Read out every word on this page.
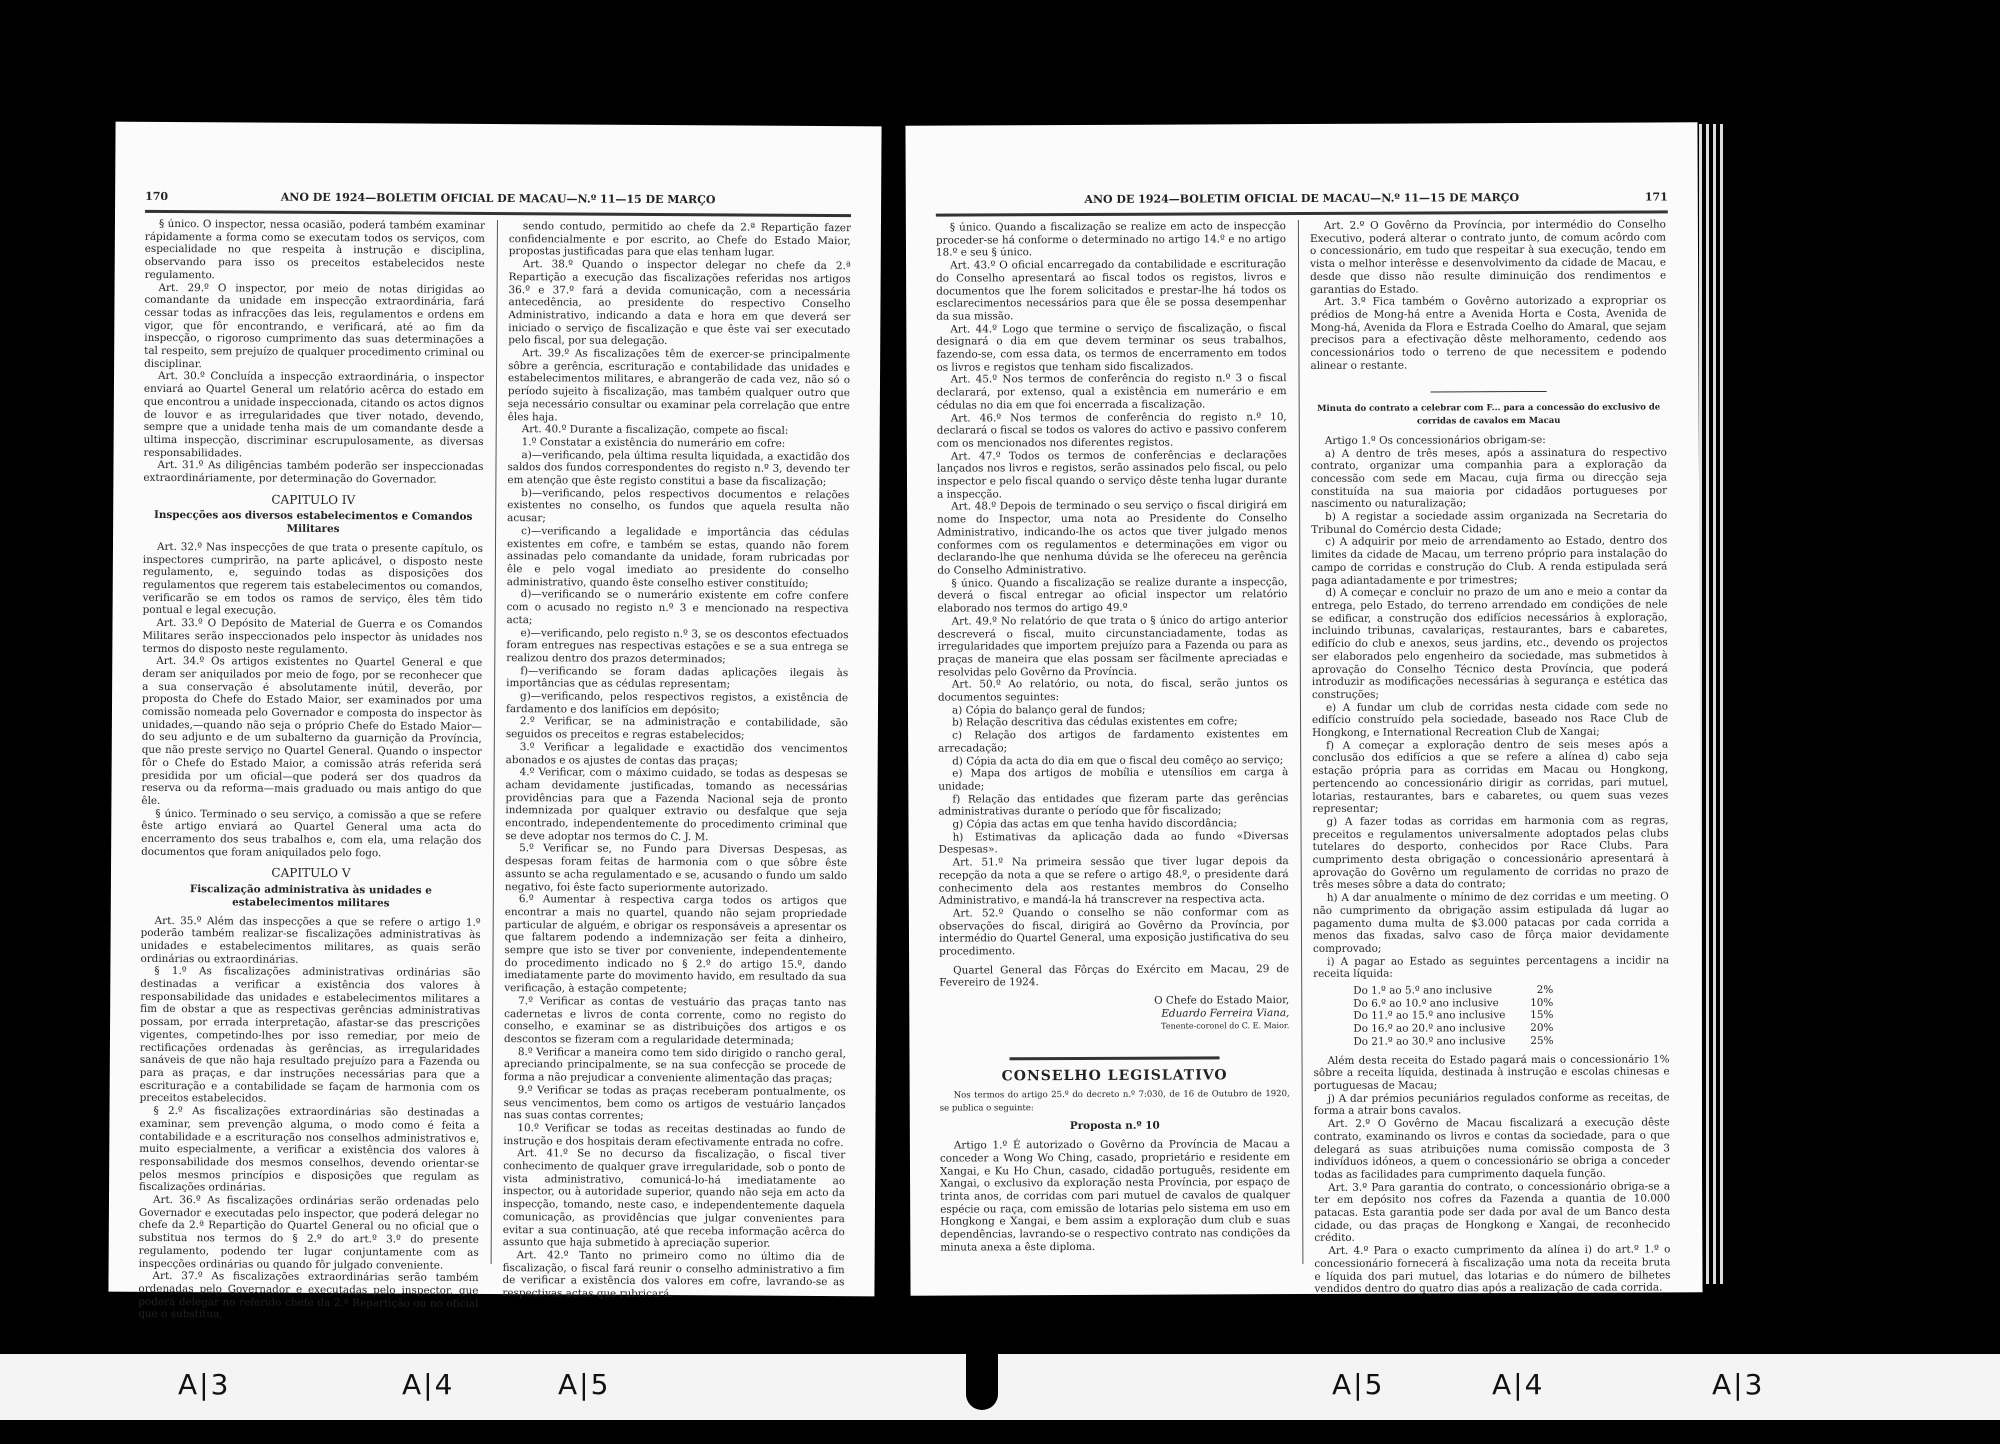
A|3	A|4	A|5	A|5	A|4	A|3
170	ANO DE 1924—BOLETIM OFICIAL DE MACAU—N.º 11—15 DE MARÇO

§ único. O inspector, nessa ocasião, poderá também examinar rápidamente a forma como se executam todos os serviços, com especialidade no que respeita à instrução e disciplina, observando para isso os preceitos estabelecidos neste regulamento.

Art. 29.º O inspector, por meio de notas dirigidas ao comandante da unidade em inspecção extraordinária, fará cessar todas as infracções das leis, regulamentos e ordens em vigor, que fôr encontrando, e verificará, até ao fim da inspecção, o rigoroso cumprimento das suas determinações a tal respeito, sem prejuízo de qualquer procedimento criminal ou disciplinar.

Art. 30.º Concluída a inspecção extraordinária, o inspector enviará ao Quartel General um relatório acêrca do estado em que encontrou a unidade inspeccionada, citando os actos dignos de louvor e as irregularidades que tiver notado, devendo, sempre que a unidade tenha mais de um comandante desde a ultima inspecção, discriminar escrupulosamente, as diversas responsabilidades.

Art. 31.º As diligências também poderão ser inspeccionadas extraordináriamente, por determinação do Governador.

CAPITULO IV

Inspecções aos diversos estabelecimentos e Comandos Militares

Art. 32.º Nas inspecções de que trata o presente capítulo, os inspectores cumprirão, na parte aplicável, o disposto neste regulamento, e, seguindo todas as disposições dos regulamentos que regerem tais estabelecimentos ou comandos, verificarão se em todos os ramos de serviço, êles têm tido pontual e legal execução.

Art. 33.º O Depósito de Material de Guerra e os Comandos Militares serão inspeccionados pelo inspector às unidades nos termos do disposto neste regulamento.

Art. 34.º Os artigos existentes no Quartel General e que deram ser aniquilados por meio de fogo, por se reconhecer que a sua conservação é absolutamente inútil, deverão, por proposta do Chefe do Estado Maior, ser examinados por uma comissão nomeada pelo Governador e composta do inspector às unidades,—quando não seja o próprio Chefe do Estado Maior—do seu adjunto e de um subalterno da guarnição da Província, que não preste serviço no Quartel General. Quando o inspector fôr o Chefe do Estado Maior, a comissão atrás referida será presidida por um oficial—que poderá ser dos quadros da reserva ou da reforma—mais graduado ou mais antigo do que êle.

§ único. Terminado o seu serviço, a comissão a que se refere êste artigo enviará ao Quartel General uma acta do encerramento dos seus trabalhos e, com ela, uma relação dos documentos que foram aniquilados pelo fogo.

CAPITULO V

Fiscalização administrativa às unidades e estabelecimentos militares

Art. 35.º Além das inspecções a que se refere o artigo 1.º poderão também realizar-se fiscalizações administrativas às unidades e estabelecimentos militares, as quais serão ordinárias ou extraordinárias.

§ 1.º As fiscalizações administrativas ordinárias são destinadas a verificar a existência dos valores à responsabilidade das unidades e estabelecimentos militares a fim de obstar a que as respectivas gerências administrativas possam, por errada interpretação, afastar-se das prescrições vigentes, competindo-lhes por isso remediar, por meio de rectificações ordenadas às gerências, as irregularidades sanáveis de que não haja resultado prejuízo para a Fazenda ou para as praças, e dar instruções necessárias para que a escrituração e a contabilidade se façam de harmonia com os preceitos estabelecidos.

§ 2.º As fiscalizações extraordinárias são destinadas a examinar, sem prevenção alguma, o modo como é feita a contabilidade e a escrituração nos conselhos administrativos e, muito especialmente, a verificar a existência dos valores à responsabilidade dos mesmos conselhos, devendo orientar-se pelos mesmos princípios e disposições que regulam as fiscalizações ordinárias.

Art. 36.º As fiscalizações ordinárias serão ordenadas pelo Governador e executadas pelo inspector, que poderá delegar no chefe da 2.ª Repartição do Quartel General ou no oficial que o substitua nos termos do § 2.º do art.º 3.º do presente regulamento, podendo ter lugar conjuntamente com as inspecções ordinárias ou quando fôr julgado conveniente.

Art. 37.º As fiscalizações extraordinárias serão também ordenadas pelo Governador e executadas pelo inspector, que poderá delegar no referido chefe da 2.ª Repartição ou no oficial que o substitua,

sendo contudo, permitido ao chefe da 2.ª Repartição fazer confidencialmente e por escrito, ao Chefe do Estado Maior, propostas justificadas para que elas tenham lugar.

Art. 38.º Quando o inspector delegar no chefe da 2.ª Repartição a execução das fiscalizações referidas nos artigos 36.º e 37.º fará a devida comunicação, com a necessária antecedência, ao presidente do respectivo Conselho Administrativo, indicando a data e hora em que deverá ser iniciado o serviço de fiscalização e que êste vai ser executado pelo fiscal, por sua delegação.

Art. 39.º As fiscalizações têm de exercer-se principalmente sôbre a gerência, escrituração e contabilidade das unidades e estabelecimentos militares, e abrangerão de cada vez, não só o período sujeito à fiscalização, mas também qualquer outro que seja necessário consultar ou examinar pela correlação que entre êles haja.

Art. 40.º Durante a fiscalização, compete ao fiscal:

1.º Constatar a existência do numerário em cofre:

a)—verificando, pela última resulta liquidada, a exactidão dos saldos dos fundos correspondentes do registo n.º 3, devendo ter em atenção que êste registo constitui a base da fiscalização;

b)—verificando, pelos respectivos documentos e relações existentes no conselho, os fundos que aquela resulta não acusar;

c)—verificando a legalidade e importância das cédulas existentes em cofre, e também se estas, quando não forem assinadas pelo comandante da unidade, foram rubricadas por êle e pelo vogal imediato ao presidente do conselho administrativo, quando êste conselho estiver constituído;

d)—verificando se o numerário existente em cofre confere com o acusado no registo n.º 3 e mencionado na respectiva acta;

e)—verificando, pelo registo n.º 3, se os descontos efectuados foram entregues nas respectivas estações e se a sua entrega se realizou dentro dos prazos determinados;

f)—verificando se foram dadas aplicações ilegais às importâncias que as cédulas representam;

g)—verificando, pelos respectivos registos, a existência de fardamento e dos lanifícios em depósito;

2.º Verificar, se na administração e contabilidade, são seguidos os preceitos e regras estabelecidos;

3.º Verificar a legalidade e exactidão dos vencimentos abonados e os ajustes de contas das praças;

4.º Verificar, com o máximo cuidado, se todas as despesas se acham devidamente justificadas, tomando as necessárias providências para que a Fazenda Nacional seja de pronto indemnizada por qualquer extravio ou desfalque que seja encontrado, independentemente do procedimento criminal que se deve adoptar nos termos do C. J. M.

5.º Verificar se, no Fundo para Diversas Despesas, as despesas foram feitas de harmonia com o que sôbre êste assunto se acha regulamentado e se, acusando o fundo um saldo negativo, foi êste facto superiormente autorizado.

6.º Aumentar à respectiva carga todos os artigos que encontrar a mais no quartel, quando não sejam propriedade particular de alguém, e obrigar os responsáveis a apresentar os que faltarem podendo a indemnização ser feita a dinheiro, sempre que isto se tiver por conveniente, independentemente do procedimento indicado no § 2.º do artigo 15.º, dando imediatamente parte do movimento havido, em resultado da sua verificação, à estação competente;

7.º Verificar as contas de vestuário das praças tanto nas cadernetas e livros de conta corrente, como no registo do conselho, e examinar se as distribuições dos artigos e os descontos se fizeram com a regularidade determinada;

8.º Verificar a maneira como tem sido dirigido o rancho geral, apreciando principalmente, se na sua confecção se procede de forma a não prejudicar a conveniente alimentação das praças;

9.º Verificar se todas as praças receberam pontualmente, os seus vencimentos, bem como os artigos de vestuário lançados nas suas contas correntes;

10.º Verificar se todas as receitas destinadas ao fundo de instrução e dos hospitais deram efectivamente entrada no cofre.

Art. 41.º Se no decurso da fiscalização, o fiscal tiver conhecimento de qualquer grave irregularidade, sob o ponto de vista administrativo, comunicá-lo-há imediatamente ao inspector, ou à autoridade superior, quando não seja em acto da inspecção, tomando, neste caso, e independentemente daquela comunicação, as providências que julgar convenientes para evitar a sua continuação, até que receba informação acêrca do assunto que haja submetido à apreciação superior.

Art. 42.º Tanto no primeiro como no último dia de fiscalização, o fiscal fará reunir o conselho administrativo a fim de verificar a existência dos valores em cofre, lavrando-se as respectivas actas que rubricará.

ANO DE 1924—BOLETIM OFICIAL DE MACAU—N.º 11—15 DE MARÇO	171

§ único. Quando a fiscalização se realize em acto de inspecção proceder-se há conforme o determinado no artigo 14.º e no artigo 18.º e seu § único.

Art. 43.º O oficial encarregado da contabilidade e escrituração do Conselho apresentará ao fiscal todos os registos, livros e documentos que lhe forem solicitados e prestar-lhe há todos os esclarecimentos necessários para que êle se possa desempenhar da sua missão.

Art. 44.º Logo que termine o serviço de fiscalização, o fiscal designará o dia em que devem terminar os seus trabalhos, fazendo-se, com essa data, os termos de encerramento em todos os livros e registos que tenham sido fiscalizados.

Art. 45.º Nos termos de conferência do registo n.º 3 o fiscal declarará, por extenso, qual a existência em numerário e em cédulas no dia em que foi encerrada a fiscalização.

Art. 46.º Nos termos de conferência do registo n.º 10, declarará o fiscal se todos os valores do activo e passivo conferem com os mencionados nos diferentes registos.

Art. 47.º Todos os termos de conferências e declarações lançados nos livros e registos, serão assinados pelo fiscal, ou pelo inspector e pelo fiscal quando o serviço dêste tenha lugar durante a inspecção.

Art. 48.º Depois de terminado o seu serviço o fiscal dirigirá em nome do Inspector, uma nota ao Presidente do Conselho Administrativo, indicando-lhe os actos que tiver julgado menos conformes com os regulamentos e determinações em vigor ou declarando-lhe que nenhuma dúvida se lhe ofereceu na gerência do Conselho Administrativo.

§ único. Quando a fiscalização se realize durante a inspecção, deverá o fiscal entregar ao oficial inspector um relatório elaborado nos termos do artigo 49.º

Art. 49.º No relatório de que trata o § único do artigo anterior descreverá o fiscal, muito circunstanciadamente, todas as irregularidades que importem prejuízo para a Fazenda ou para as praças de maneira que elas possam ser fàcilmente apreciadas e resolvidas pelo Govêrno da Província.

Art. 50.º Ao relatório, ou nota, do fiscal, serão juntos os documentos seguintes:

a) Cópia do balanço geral de fundos;

b) Relação descritiva das cédulas existentes em cofre;

c) Relação dos artigos de fardamento existentes em arrecadação;

d) Cópia da acta do dia em que o fiscal deu comêço ao serviço;

e) Mapa dos artigos de mobília e utensílios em carga à unidade;

f) Relação das entidades que fizeram parte das gerências administrativas durante o período que fôr fiscalizado;

g) Cópia das actas em que tenha havido discordância;

h) Estimativas da aplicação dada ao fundo «Diversas Despesas».

Art. 51.º Na primeira sessão que tiver lugar depois da recepção da nota a que se refere o artigo 48.º, o presidente dará conhecimento dela aos restantes membros do Conselho Administrativo, e mandá-la há transcrever na respectiva acta.

Art. 52.º Quando o conselho se não conformar com as observações do fiscal, dirigirá ao Govêrno da Província, por intermédio do Quartel General, uma exposição justificativa do seu procedimento.

Quartel General das Fôrças do Exército em Macau, 29 de Fevereiro de 1924.

O Chefe do Estado Maior,

Eduardo Ferreira Viana,

Tenente-coronel do C. E. Maior.

CONSELHO LEGISLATIVO

Nos termos do artigo 25.º do decreto n.º 7:030, de 16 de Outubro de 1920, se publica o seguinte:

Proposta n.º 10

Artigo 1.º É autorizado o Govêrno da Província de Macau a conceder a Wong Wo Ching, casado, proprietário e residente em Xangai, e Ku Ho Chun, casado, cidadão português, residente em Xangai, o exclusivo da exploração nesta Província, por espaço de trinta anos, de corridas com pari mutuel de cavalos de qualquer espécie ou raça, com emissão de lotarias pelo sistema em uso em Hongkong e Xangai, e bem assim a exploração dum club e suas dependências, lavrando-se o respectivo contrato nas condições da minuta anexa a êste diploma.

Art. 2.º O Govêrno da Província, por intermédio do Conselho Executivo, poderá alterar o contrato junto, de comum acôrdo com o concessionário, em tudo que respeitar à sua execução, tendo em vista o melhor interêsse e desenvolvimento da cidade de Macau, e desde que disso não resulte diminuição dos rendimentos e garantias do Estado.

Art. 3.º Fica também o Govêrno autorizado a expropriar os prédios de Mong-há entre a Avenida Horta e Costa, Avenida de Mong-há, Avenida da Flora e Estrada Coelho do Amaral, que sejam precisos para a efectivação dêste melhoramento, cedendo aos concessionários todo o terreno de que necessitem e podendo alinear o restante.

Minuta do contrato a celebrar com F... para a concessão do exclusivo de corridas de cavalos em Macau

Artigo 1.º Os concessionários obrigam-se:

a) A dentro de três meses, após a assinatura do respectivo contrato, organizar uma companhia para a exploração da concessão com sede em Macau, cuja firma ou direcção seja constituída na sua maioria por cidadãos portugueses por nascimento ou naturalização;

b) A registar a sociedade assim organizada na Secretaria do Tribunal do Comércio desta Cidade;

c) A adquirir por meio de arrendamento ao Estado, dentro dos limites da cidade de Macau, um terreno próprio para instalação do campo de corridas e construção do Club. A renda estipulada será paga adiantadamente e por trimestres;

d) A começar e concluir no prazo de um ano e meio a contar da entrega, pelo Estado, do terreno arrendado em condições de nele se edificar, a construção dos edifícios necessários à exploração, incluindo tribunas, cavalariças, restaurantes, bars e cabaretes, edifício do club e anexos, seus jardins, etc., devendo os projectos ser elaborados pelo engenheiro da sociedade, mas submetidos à aprovação do Conselho Técnico desta Província, que poderá introduzir as modificações necessárias à segurança e estética das construções;

e) A fundar um club de corridas nesta cidade com sede no edifício construído pela sociedade, baseado nos Race Club de Hongkong, e International Recreation Club de Xangai;

f) A começar a exploração dentro de seis meses após a conclusão dos edifícios a que se refere a alínea d) cabo seja estação própria para as corridas em Macau ou Hongkong, pertencendo ao concessionário dirigir as corridas, pari mutuel, lotarias, restaurantes, bars e cabaretes, ou quem suas vezes representar;

g) A fazer todas as corridas em harmonia com as regras, preceitos e regulamentos universalmente adoptados pelas clubs tutelares do desporto, conhecidos por Race Clubs. Para cumprimento desta obrigação o concessionário apresentará à aprovação do Govêrno um regulamento de corridas no prazo de três meses sôbre a data do contrato;

h) A dar anualmente o mínimo de dez corridas e um meeting. O não cumprimento da obrigação assim estipulada dá lugar ao pagamento duma multa de $3.000 patacas por cada corrida a menos das fixadas, salvo caso de fôrça maior devidamente comprovado;

i) A pagar ao Estado as seguintes percentagens a incidir na receita líquida:

Do 1.º ao 5.º ano inclusive	2%
Do 6.º ao 10.º ano inclusive	10%
Do 11.º ao 15.º ano inclusive	15%
Do 16.º ao 20.º ano inclusive	20%
Do 21.º ao 30.º ano inclusive	25%

Além desta receita do Estado pagará mais o concessionário 1% sôbre a receita líquida, destinada à instrução e escolas chinesas e portuguesas de Macau;

j) A dar prémios pecuniários regulados conforme as receitas, de forma a atrair bons cavalos.

Art. 2.º O Govêrno de Macau fiscalizará a execução dêste contrato, examinando os livros e contas da sociedade, para o que delegará as suas atribuições numa comissão composta de 3 indivíduos idóneos, a quem o concessionário se obriga a conceder todas as facilidades para cumprimento daquela função.

Art. 3.º Para garantia do contrato, o concessionário obriga-se a ter em depósito nos cofres da Fazenda a quantia de 10.000 patacas. Esta garantia pode ser dada por aval de um Banco desta cidade, ou das praças de Hongkong e Xangai, de reconhecido crédito.

Art. 4.º Para o exacto cumprimento da alínea i) do art.º 1.º o concessionário fornecerá à fiscalização uma nota da receita bruta e líquida dos pari mutuel, das lotarias e do número de bilhetes vendidos dentro do quatro dias após a realização de cada corrida.
